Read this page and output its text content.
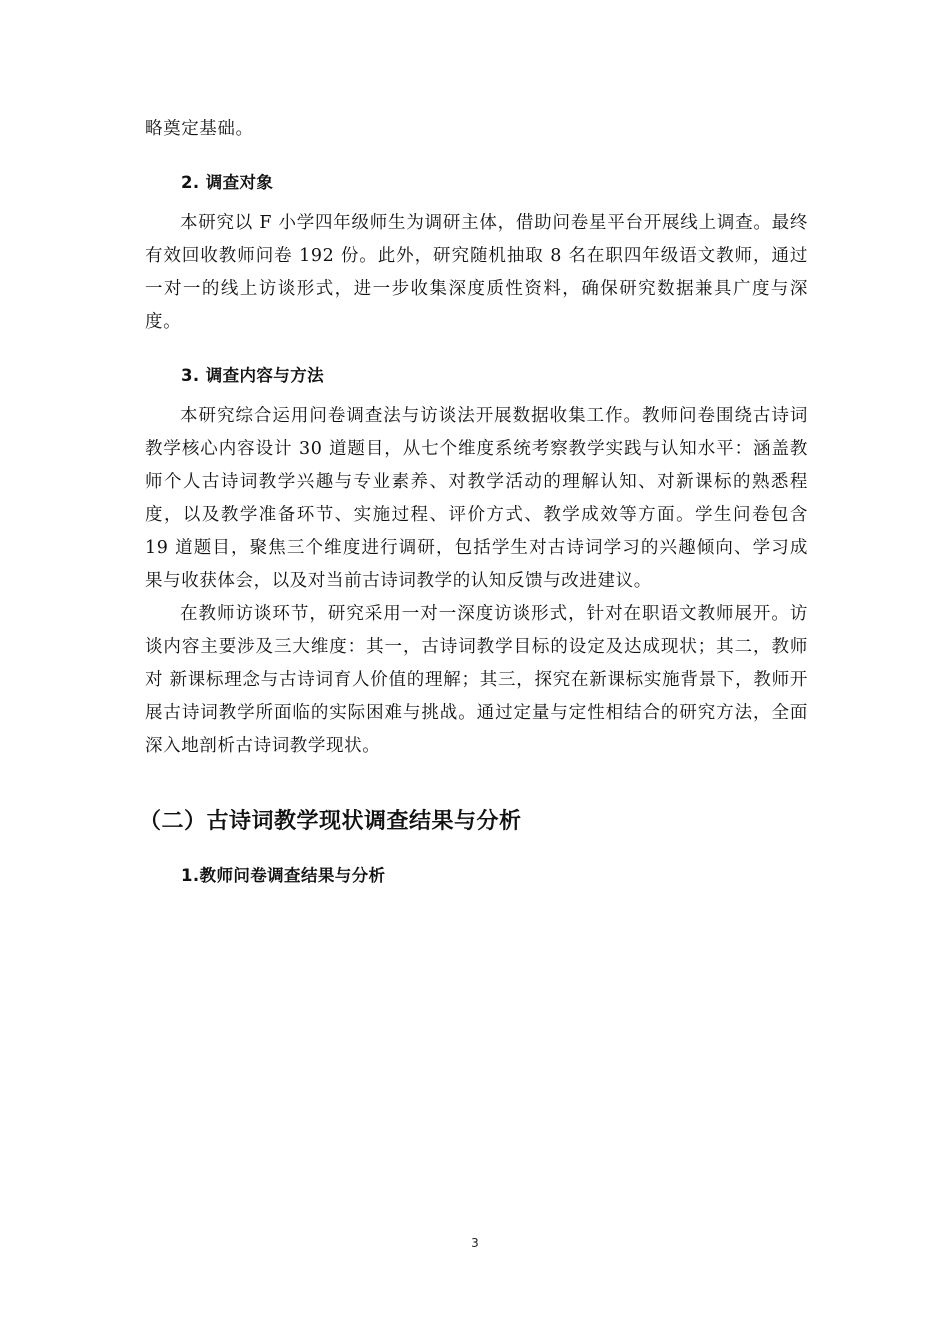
略奠定基础。

2. 调查对象

本研究以 F 小学四年级师生为调研主体，借助问卷星平台开展线上调查。最终有效回收教师问卷 192 份。此外，研究随机抽取 8 名在职四年级语文教师，通过一对一的线上访谈形式，进一步收集深度质性资料，确保研究数据兼具广度与深度。

3. 调查内容与方法

本研究综合运用问卷调查法与访谈法开展数据收集工作。教师问卷围绕古诗词教学核心内容设计 30 道题目，从七个维度系统考察教学实践与认知水平：涵盖教师个人古诗词教学兴趣与专业素养、对教学活动的理解认知、对新课标的熟悉程度，以及教学准备环节、实施过程、评价方式、教学成效等方面。学生问卷包含 19 道题目，聚焦三个维度进行调研，包括学生对古诗词学习的兴趣倾向、学习成果与收获体会，以及对当前古诗词教学的认知反馈与改进建议。

在教师访谈环节，研究采用一对一深度访谈形式，针对在职语文教师展开。访谈内容主要涉及三大维度：其一，古诗词教学目标的设定及达成现状；其二，教师对 新课标理念与古诗词育人价值的理解；其三，探究在新课标实施背景下，教师开展古诗词教学所面临的实际困难与挑战。通过定量与定性相结合的研究方法，全面深入地剖析古诗词教学现状。

（二）古诗词教学现状调查结果与分析

1.教师问卷调查结果与分析

3
